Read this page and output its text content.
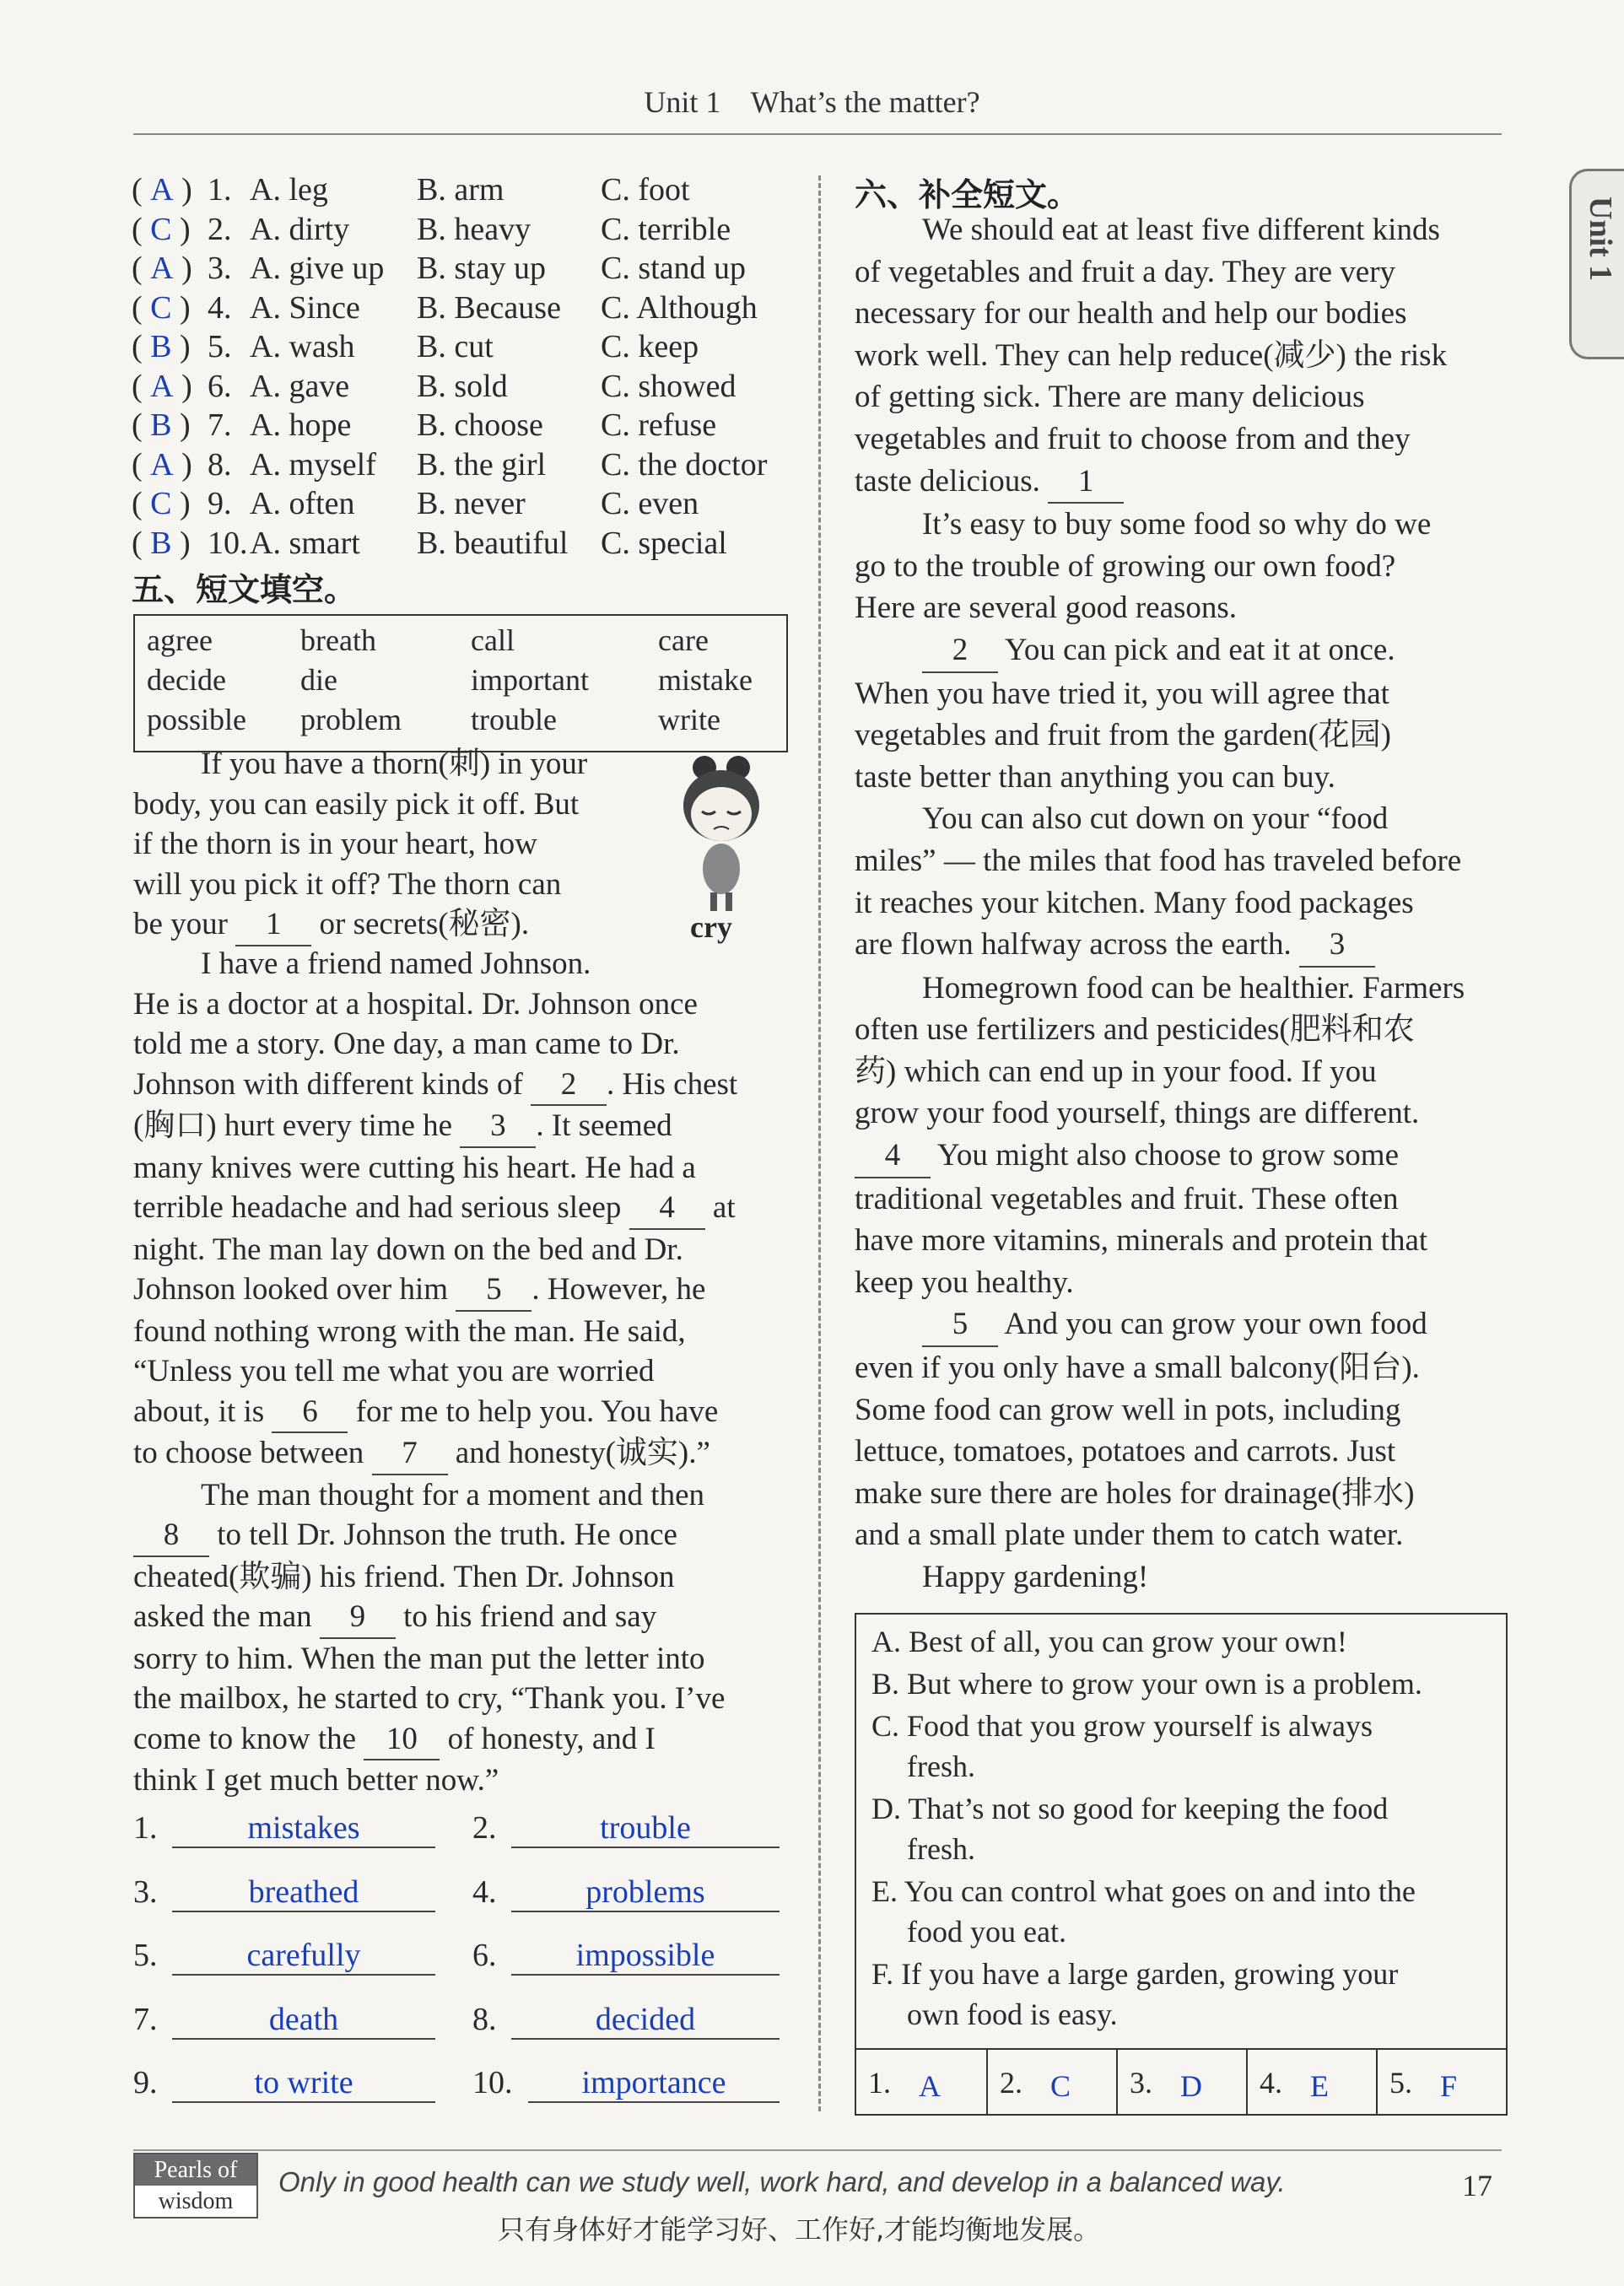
Unit 1 What’s the matter?
Unit 1
( A ) 1. A. leg	B. arm	C. foot
( C ) 2. A. dirty B. heavy C. terrible
( A ) 3. A. give up B. stay up C. stand up
( C ) 4. A. Since B. Because C. Although
( B ) 5. A. wash B. cut	C. keep
( A ) 6. A. gave B. sold	C. showed
( B ) 7. A. hope B. choose C. refuse
( A ) 8. A. myself B. the girl C. the doctor
( C ) 9. A. often B. never C. even
( B ) 10. A. smart B. beautiful C. special
五、短文填空。
agree	breath	call	care
decide die	important mistake
possible problem trouble	write
cry
If you have a thorn(刺) in your
body, you can easily pick it off. But
if the thorn is in your heart, how
will you pick it off? The thorn can
be your 1 or secrets(秘密).
I have a friend named Johnson.
He is a doctor at a hospital. Dr. Johnson once
told me a story. One day, a man came to Dr.
Johnson with different kinds of 2 . His chest
(胸口) hurt every time he 3 . It seemed
many knives were cutting his heart. He had a
terrible headache and had serious sleep 4 at
night. The man lay down on the bed and Dr.
Johnson looked over him 5 . However, he
found nothing wrong with the man. He said,
“Unless you tell me what you are worried
about, it is 6 for me to help you. You have
to choose between 7 and honesty(诚实).”
The man thought for a moment and then
8 to tell Dr. Johnson the truth. He once
cheated(欺骗) his friend. Then Dr. Johnson
asked the man 9 to his friend and say
sorry to him. When the man put the letter into
the mailbox, he started to cry, “Thank you. I’ve
come to know the 10 of honesty, and I
think I get much better now.”
1.	mistakes	2.	trouble
3.	breathed	4.	problems
5.	carefully	6.	impossible
7.	death	8.	decided
9.	to write	10.	importance
六、补全短文。
We should eat at least five different kinds
of vegetables and fruit a day. They are very
necessary for our health and help our bodies
work well. They can help reduce(减少) the risk
of getting sick. There are many delicious
vegetables and fruit to choose from and they
taste delicious. 1
It’s easy to buy some food so why do we
go to the trouble of growing our own food?
Here are several good reasons.
2 You can pick and eat it at once.
When you have tried it, you will agree that
vegetables and fruit from the garden(花园)
taste better than anything you can buy.
You can also cut down on your “food
miles” — the miles that food has traveled before
it reaches your kitchen. Many food packages
are flown halfway across the earth. 3
Homegrown food can be healthier. Farmers
often use fertilizers and pesticides(肥料和农
药) which can end up in your food. If you
grow your food yourself, things are different.
4 You might also choose to grow some
traditional vegetables and fruit. These often
have more vitamins, minerals and protein that
keep you healthy.
5 And you can grow your own food
even if you only have a small balcony(阳台).
Some food can grow well in pots, including
lettuce, tomatoes, potatoes and carrots. Just
make sure there are holes for drainage(排水)
and a small plate under them to catch water.
Happy gardening!
A. Best of all, you can grow your own!
B. But where to grow your own is a problem.
C. Food that you grow yourself is always
fresh.
D. That’s not so good for keeping the food
fresh.
E. You can control what goes on and into the
food you eat.
F. If you have a large garden, growing your
own food is easy.
1. A 2. C 3. D 4. E 5. F
Pearls of
wisdom
Only in good health can we study well, work hard, and develop in a balanced way.
只有身体好才能学习好、工作好,才能均衡地发展。
17
